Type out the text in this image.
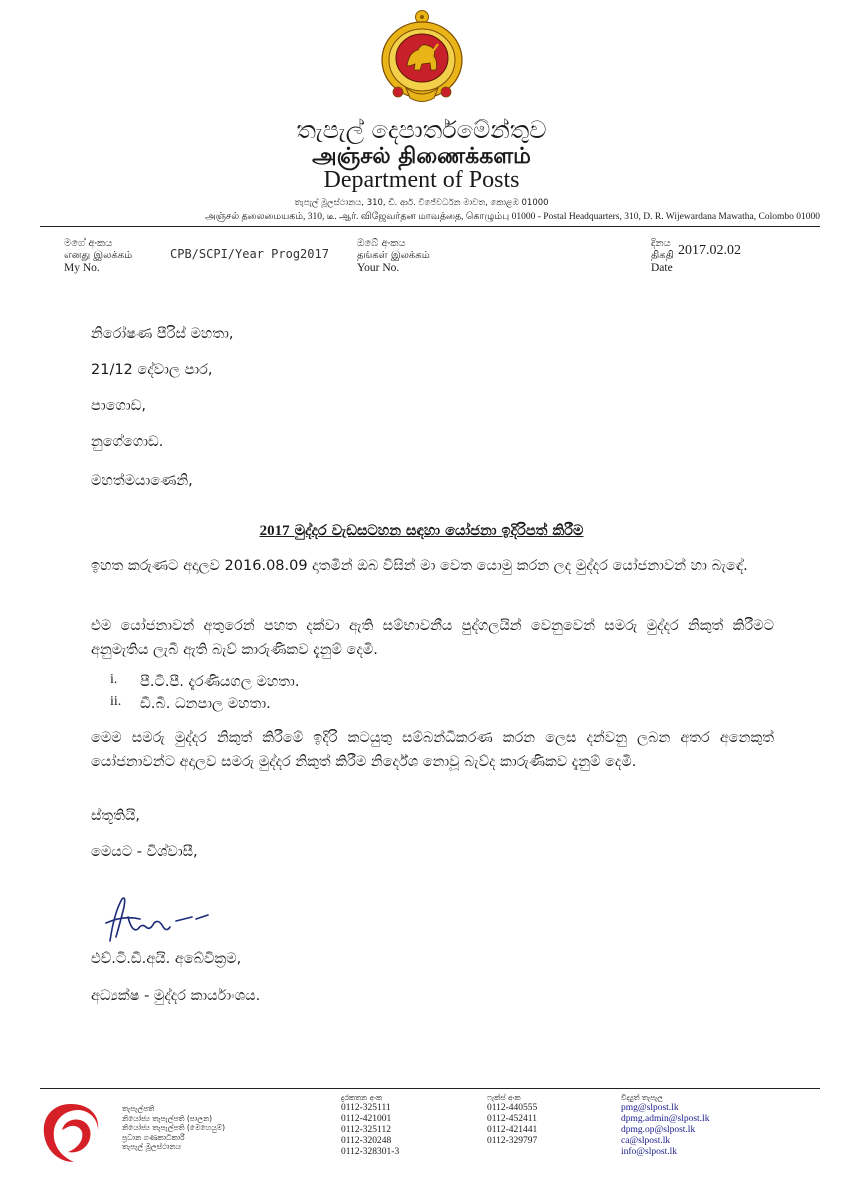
තැපැල් දෙපාර්තමේන්තුව
அஞ்சல் திணைக்களம்
Department of Posts
තැපැල් මූලස්ථානය, 310, ඩී. ආර්. විජේවර්ධන මාවත, කොළඹ 01000
அஞ்சல் தலைமையகம், 310, டீ. ஆர். விஜேவர்தன மாவத்தை, கொழும்பு 01000 - Postal Headquarters, 310, D. R. Wijewardana Mawatha, Colombo 01000
මගේ අංකය
எனது இலக்கம்
My No.
CPB/SCPI/Year Prog2017
ඔබේ අංකය
தங்கள் இலக்கம்
Your No.
දිනය
திகதி
Date
2017.02.02
නිරෝෂණ පීරිස් මහතා,
21/12 දේවාල පාර,
පාගොඩ,
නුගේගොඩ.
මහත්මයාණෙනි,
2017 මුද්දර වැඩසටහන සඳහා යෝජනා ඉදිරිපත් කිරීම
ඉහත කරුණට අදාලව 2016.08.09 දාතමින් ඔබ විසින් මා වෙත යොමු කරන ලද මුද්දර යෝජනාවන් හා බැඳේ.
එම යෝජනාවන් අතුරෙන් පහත දක්වා ඇති සම්භාවනීය පුද්ගලයින් වෙනුවෙන් සමරු මුද්දර නිකුත් කිරීමට අනුමැතිය ලැබී ඇති බැව් කාරුණිකව දැනුම් දෙමි.
i. පී.ටී.පී. දැරණියගල මහතා.
ii. ඩී.බී. ධනපාල මහතා.
මෙම සමරු මුද්දර නිකුත් කිරීමේ ඉදිරි කටයුතු සම්බන්ධීකරණ කරන ලෙස දන්වනු ලබන අතර අනෙකුත් යෝජනාවන්ට අදාලව සමරු මුද්දර නිකුත් කිරීම නිර්දේශ නොවූ බැව්ද කාරුණිකව දැනුම් දෙමි.
ස්තූතියි,
මෙයට - විශ්වාසී,
එච්.ටී.ඩී.අයි. අබේවික්‍රම,
අධ්‍යක්ෂ - මුද්දර කාර්යාංශය.
තැපැල්පති
නියෝජ්‍ය තැපැල්පති (පාලන)
නියෝජ්‍ය තැපැල්පති (මෙහෙයුම්)
ප්‍රධාන ගණකාධිකාරී
තැපැල් මූලස්ථානය
දුරකතන අංක
0112-325111
0112-421001
0112-325112
0112-320248
0112-328301-3
ෆැක්ස් අංක
0112-440555
0112-452411
0112-421441
0112-329797
විද්‍යුත් තැපැල
pmg@slpost.lk
dpmg.admin@slpost.lk
dpmg.op@slpost.lk
ca@slpost.lk
info@slpost.lk
